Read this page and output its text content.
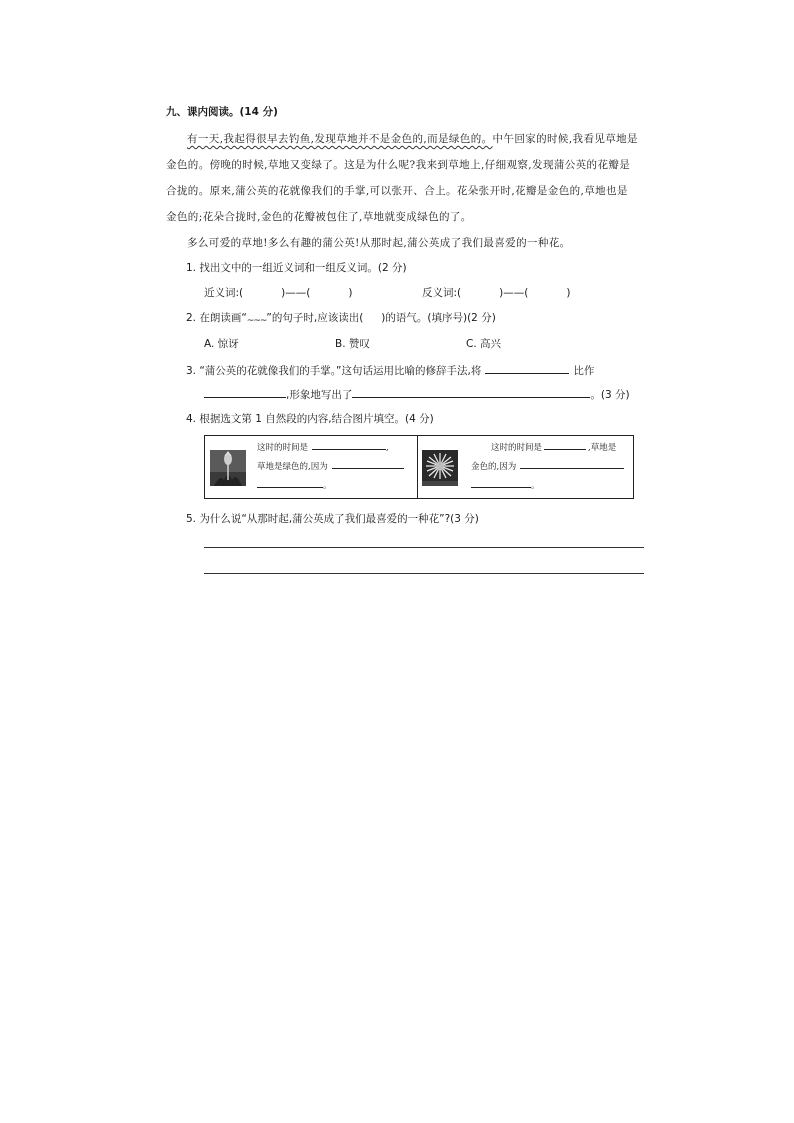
九、课内阅读。(14 分)
有一天,我起得很早去钓鱼,发现草地并不是金色的,而是绿色的。中午回家的时候,我看见草地是金色的。傍晚的时候,草地又变绿了。这是为什么呢?我来到草地上,仔细观察,发现蒲公英的花瓣是合拢的。原来,蒲公英的花就像我们的手掌,可以张开、合上。花朵张开时,花瓣是金色的,草地也是金色的;花朵合拢时,金色的花瓣被包住了,草地就变成绿色的了。
多么可爱的草地!多么有趣的蒲公英!从那时起,蒲公英成了我们最喜爱的一种花。
1. 找出文中的一组近义词和一组反义词。(2 分)
近义词:(	)——(	)	反义词:(	)——(	)
2. 在朗读画“~~~”的句子时,应该读出( )的语气。(填序号)(2 分)
A. 惊讶	B. 赞叹	C. 高兴
3. “蒲公英的花就像我们的手掌。”这句话运用比喻的修辞手法,将	比作
,形象地写出了	。(3 分)
4. 根据选文第 1 自然段的内容,结合图片填空。(4 分)
这时的时间是	,
草地是绿色的,因为
。
这时的时间是	,草地是
金色的,因为
。
5. 为什么说“从那时起,蒲公英成了我们最喜爱的一种花”?(3 分)
